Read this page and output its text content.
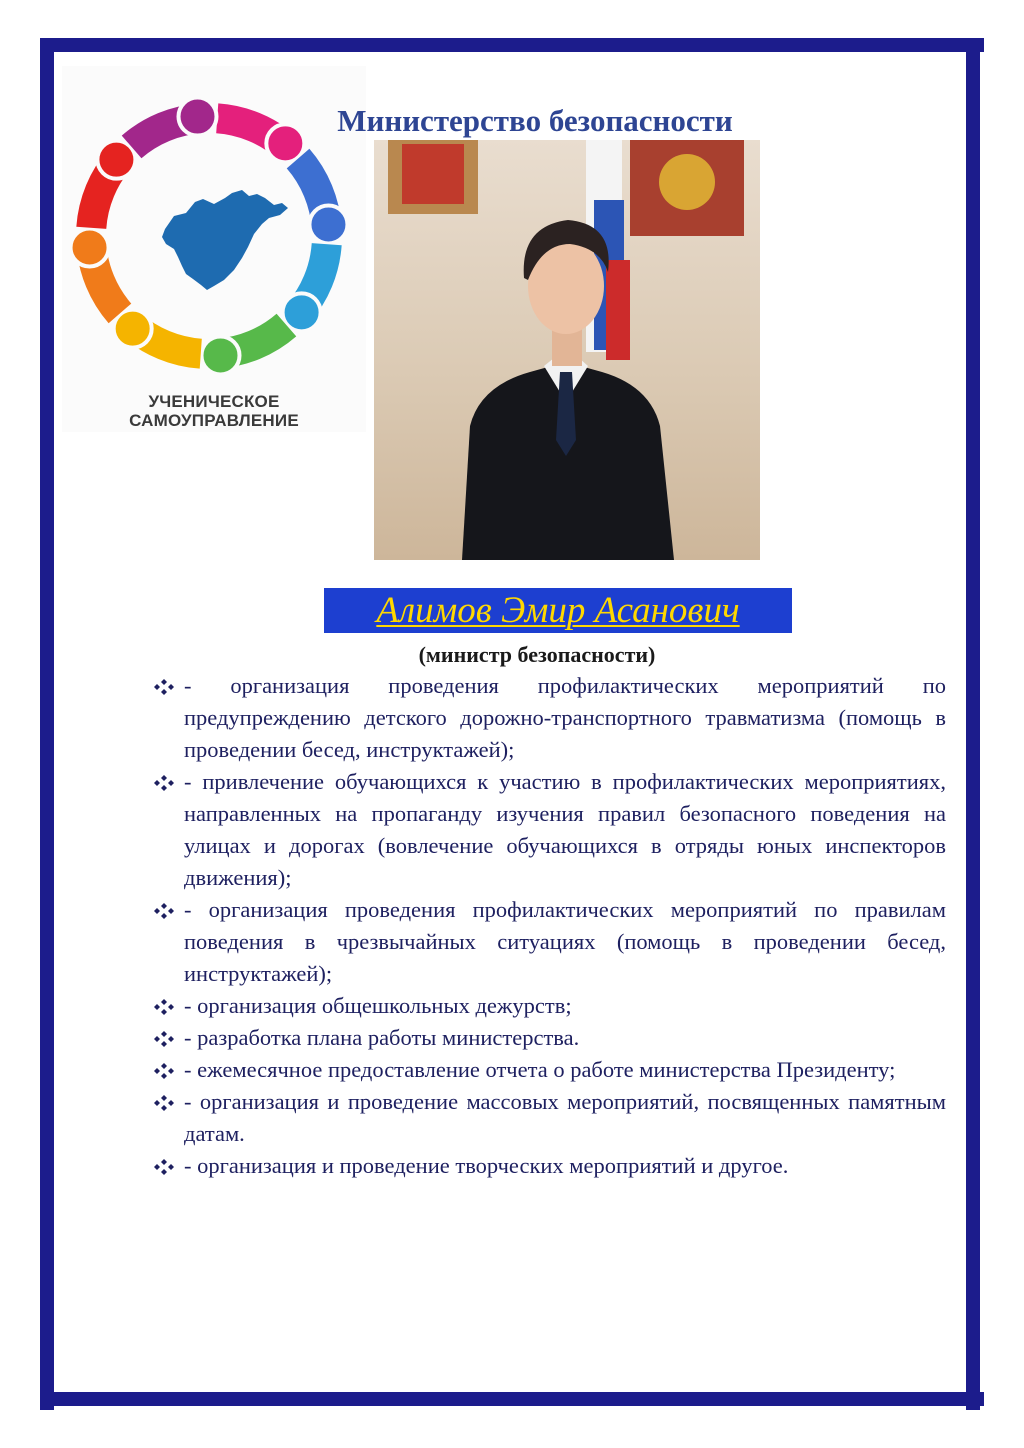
УЧЕНИЧЕСКОЕ
САМОУПРАВЛЕНИЕ
Министерство безопасности
Алимов Эмир Асанович
(министр безопасности)
- организация проведения профилактических мероприятий по предупреждению детского дорожно-транспортного травматизма (помощь в проведении бесед, инструктажей);
- привлечение обучающихся к участию в профилактических мероприятиях, направленных на пропаганду изучения правил безопасного поведения на улицах и дорогах (вовлечение обучающихся в отряды юных инспекторов движения);
- организация проведения профилактических мероприятий по правилам поведения в чрезвычайных ситуациях (помощь в проведении бесед, инструктажей);
- организация общешкольных дежурств;
- разработка плана работы министерства.
- ежемесячное предоставление отчета о работе министерства Президенту;
- организация и проведение массовых мероприятий, посвященных памятным датам.
- организация и проведение творческих мероприятий и другое.
